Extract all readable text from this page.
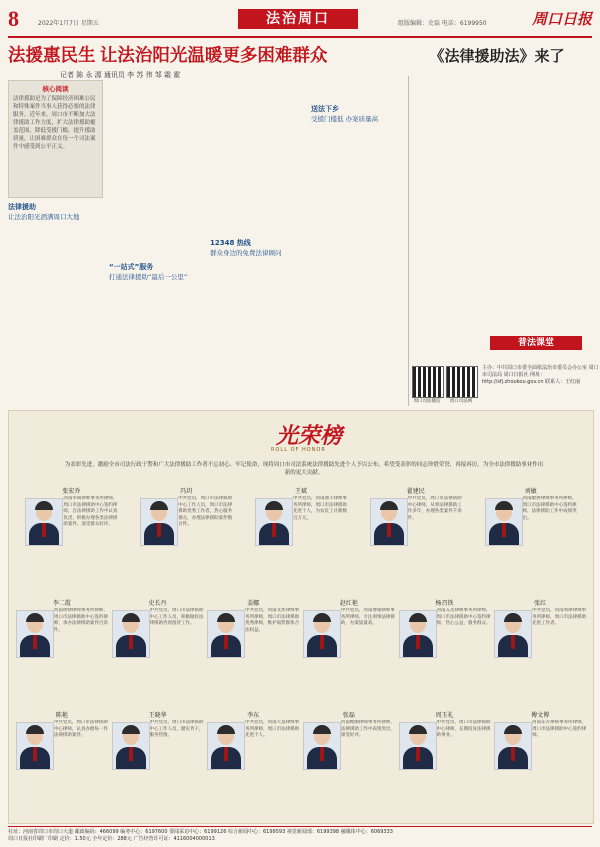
8	2022年1月7日 星期五	法治周口	组版编辑：史磊 电话：6199950	周口日报
法援惠民生 让法治阳光温暖更多困难群众
记者 陈 永 源 通讯员 李 苏 伟 邹 霜 霍
核心阅读
法律援助是为了保障经济困难公民和特殊案件当事人获得必要的法律服务。近年来，周口市不断加大法律援助工作力度，扩大法律援助覆盖范围，降低受援门槛，提升援助质量，让困难群众在每一个司法案件中感受到公平正义。
法律援助
让法治阳光洒满周口大地

“一站式”服务
打通法律援助“最后一公里”
12348 热线
群众身边的免费法律顾问
送法下乡
受援门槛低 办案质量高
《法律援助法》来了
普法课堂
周口司法微信	周口司法网
主办：中共周口市委全面依法治市委员会办公室 周口市司法局 周口日报社 网址：http://sfj.zhoukou.gov.cn 联系人：王红丽
光荣榜
ROLL OF HONOR
为表彰先进，激励全市司法行政干警和广大法律援助工作者不忘初心、牢记使命，现将周口市司法系统法律援助先进个人予以公布，希望受表彰的同志珍惜荣誉，再接再厉，为全市法律援助事业作出新的更大贡献。
张宏乔
河南华商律师事务所律师，周口市法律援助中心签约律师，在法律援助工作中认真负责，积极办理各类法律援助案件，深受群众好评。
冯玥
中共党员，周口市法律援助中心工作人员，周口市法律援助优秀工作者，热心服务群众，办理法律援助案件数百件。
王斌
中共党员，河南鼎丰律师事务所律师，周口市法律援助先进个人，为农民工讨薪数百万元。
翟建民
中共党员，周口市法律援助中心律师，从事法律援助工作多年，办理各类案件千余件。
刘敏
河南敢拼律师事务所律师，周口市法律援助中心签约律师，法律援助工作中成绩突出。
李二霞
河南周律律师事务所律师，周口市法律援助中心签约律师，承办法律援助案件百余件。
史长丹
中共党员，周口市法律援助中心工作人员，积极做好法律援助咨询接待工作。
姜娜
中共党员，河南文炬律师事务所律师，周口市法律援助优秀律师，维护弱势群体合法权益。
赵红艳
中共党员，河南博诚律师事务所律师，专注刑事法律援助，办案质量高。
杨召铁
河南五岳律师事务所律师，周口市法律援助中心签约律师，热心公益，服务群众。
张红
中共党员，河南周律律师事务所律师，周口市法律援助先进工作者。
陈艳
中共党员，周口市法律援助中心律师，认真办理每一件法律援助案件。
王晓华
中共党员，周口市法律援助中心工作人员，踏实肯干，服务热情。
李东
中共党员，河南天基律师事务所律师，周口市法律援助先进个人。
张磊
河南维刚律师事务所律师，法律援助工作中表现突出，深受好评。
周玉礼
中共党员，周口市法律援助中心律师，长期投身法律援助事业。
傅文博
河南东方律师事务所律师，周口市法律援助中心签约律师。
社址：河南省周口市周口大道 邮政编码：466099 编务中心：6197600 要闻采访中心：6199126 综合新闻中心：6199593 视觉新闻部：6199398 融媒体中心：6069333
周口日报社印刷厂印刷 定价：1.50元 全年定价：288元 广告经营许可证：4116004000013
